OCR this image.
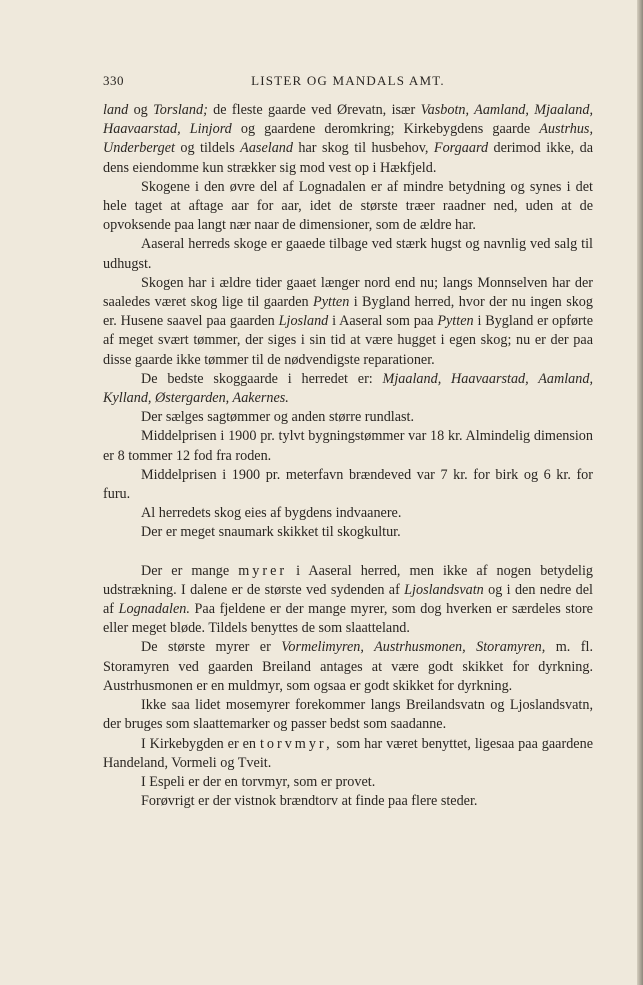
330	LISTER OG MANDALS AMT.

land og Torsland; de fleste gaarde ved Ørevatn, især Vasbotn, Aamland, Mjaaland, Haavaarstad, Linjord og gaardene deromkring; Kirkebygdens gaarde Austrhus, Underberget og tildels Aaseland har skog til husbehov, Forgaard derimod ikke, da dens eiendomme kun strækker sig mod vest op i Hækfjeld.

Skogene i den øvre del af Lognadalen er af mindre betydning og synes i det hele taget at aftage aar for aar, idet de største træer raadner ned, uden at de opvoksende paa langt nær naar de dimensioner, som de ældre har.

Aaseral herreds skoge er gaaede tilbage ved stærk hugst og navnlig ved salg til udhugst.

Skogen har i ældre tider gaaet længer nord end nu; langs Monnselven har der saaledes været skog lige til gaarden Pytten i Bygland herred, hvor der nu ingen skog er. Husene saavel paa gaarden Ljosland i Aaseral som paa Pytten i Bygland er opførte af meget svært tømmer, der siges i sin tid at være hugget i egen skog; nu er der paa disse gaarde ikke tømmer til de nødvendigste reparationer.

De bedste skoggaarde i herredet er: Mjaaland, Haavaarstad, Aamland, Kylland, Østergarden, Aakernes.

Der sælges sagtømmer og anden større rundlast.

Middelprisen i 1900 pr. tylvt bygningstømmer var 18 kr. Almindelig dimension er 8 tommer 12 fod fra roden.

Middelprisen i 1900 pr. meterfavn brændeved var 7 kr. for birk og 6 kr. for furu.

Al herredets skog eies af bygdens indvaanere.

Der er meget snaumark skikket til skogkultur.

Der er mange myrer i Aaseral herred, men ikke af nogen betydelig udstrækning. I dalene er de største ved sydenden af Ljoslandsvatn og i den nedre del af Lognadalen. Paa fjeldene er der mange myrer, som dog hverken er særdeles store eller meget bløde. Tildels benyttes de som slaatteland.

De største myrer er Vormelimyren, Austrhusmonen, Storamyren, m. fl. Storamyren ved gaarden Breiland antages at være godt skikket for dyrkning. Austrhusmonen er en muldmyr, som ogsaa er godt skikket for dyrkning.

Ikke saa lidet mosemyrer forekommer langs Breilandsvatn og Ljoslandsvatn, der bruges som slaattemarker og passer bedst som saadanne.

I Kirkebygden er en torvmyr, som har været benyttet, ligesaa paa gaardene Handeland, Vormeli og Tveit.

I Espeli er der en torvmyr, som er provet.

Forøvrigt er der vistnok brændtorv at finde paa flere steder.
